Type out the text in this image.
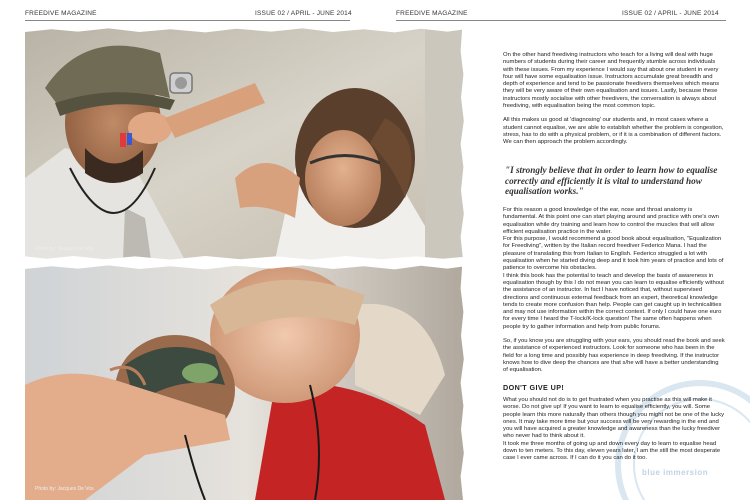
FREEDIVE MAGAZINE	ISSUE 02 / APRIL - JUNE 2014	FREEDIVE MAGAZINE	ISSUE 02 / APRIL - JUNE 2014
Photo by: Jacques De Vos
Photo by: Jacques De Vos
blue immersion

On the other hand freediving instructors who teach for a living will deal with huge numbers of students during their career and frequently stumble across individuals with these issues. From my experience I would say that about one student in every four will have some equalisation issue. Instructors accumulate great breadth and depth of experience and tend to be passionate freedivers themselves which means they will be very aware of their own equalisation and issues. Lastly, because these instructors mostly socialise with other freedivers, the conversation is always about freediving, with equalisation being the most common topic.

All this makes us good at 'diagnosing' our students and, in most cases where a student cannot equalise, we are able to establish whether the problem is congestion, stress, has to do with a physical problem, or if it is a combination of different factors. We can then approach the problem accordingly.

"I strongly believe that in order to learn how to equalise correctly and efficiently it is vital to understand how equalisation works."

For this reason a good knowledge of the ear, nose and throat anatomy is fundamental. At this point one can start playing around and practice with one's own equalisation while dry training and learn how to control the muscles that will allow efficient equalisation practice in the water.

For this purpose, I would recommend a good book about equalisation, "Equalization for Freediving", written by the Italian record freediver Federico Mana. I had the pleasure of translating this from Italian to English. Federico struggled a lot with equalisation when he started diving deep and it took him years of practice and lots of patience to overcome his obstacles.

I think this book has the potential to teach and develop the basis of awareness in equalisation though by this I do not mean you can learn to equalise efficiently without the assistance of an instructor. In fact I have noticed that, without supervised directions and continuous external feedback from an expert, theoretical knowledge tends to create more confusion than help. People can get caught up in technicalities and may not use information within the correct context. If only I could have one euro for every time I heard the T-lock/K-lock question! The same often happens when people try to gather information and help from public forums.

So, if you know you are struggling with your ears, you should read the book and seek the assistance of experienced instructors. Look for someone who has been in the field for a long time and possibly has experience in deep freediving. If the instructor knows how to dive deep the chances are that s/he will have a better understanding of equalisation.

DON'T GIVE UP!

What you should not do is to get frustrated when you practise as this will make it worse. Do not give up! If you want to learn to equalise efficiently, you will. Some people learn this more naturally than others though you might not be one of the lucky ones. It may take more time but your success will be very rewarding in the end and you will have acquired a greater knowledge and awareness than the lucky freediver who never had to think about it.

It took me three months of going up and down every day to learn to equalise head down to ten meters. To this day, eleven years later, I am the still the most desperate case I ever came across. If I can do it you can do it too.
